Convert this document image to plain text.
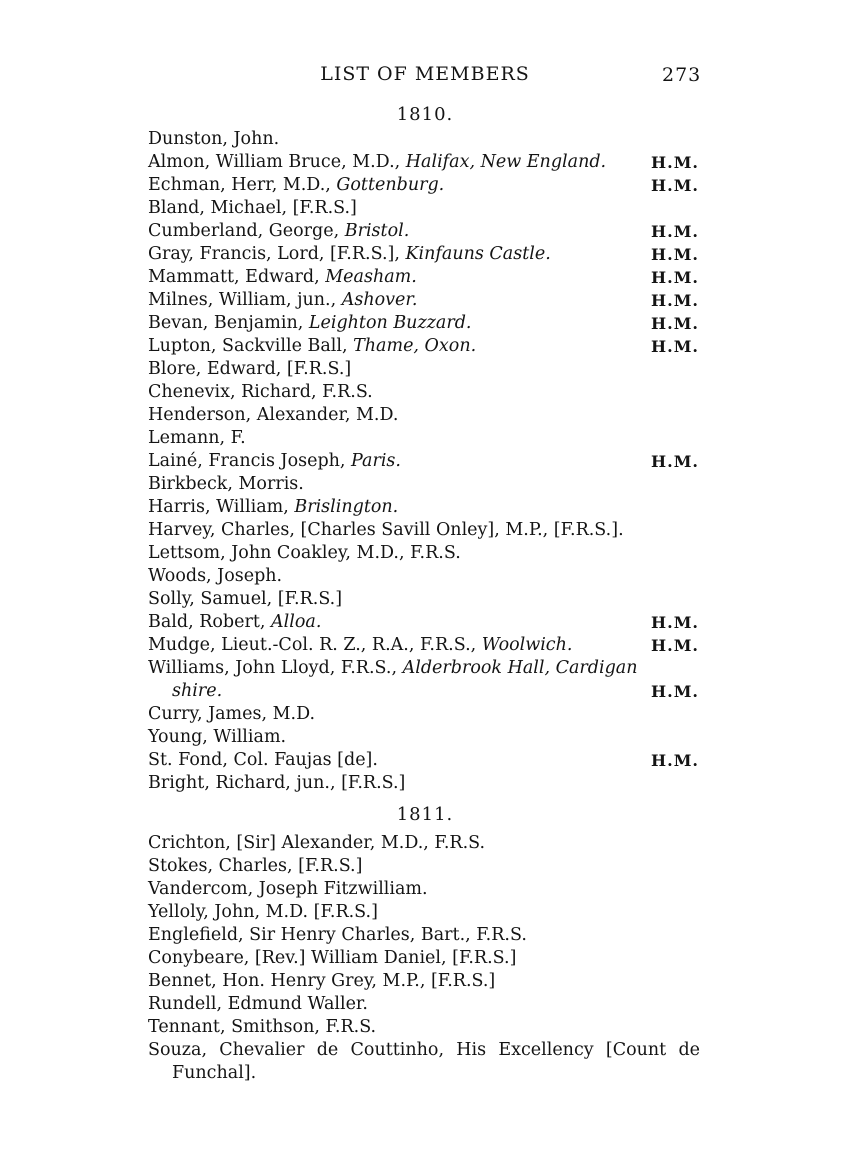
LIST OF MEMBERS	273
1810.
Dunston, John.
Almon, William Bruce, M.D., Halifax, New England.	H.M.
Echman, Herr, M.D., Gottenburg.	H.M.
Bland, Michael, [F.R.S.]
Cumberland, George, Bristol.	H.M.
Gray, Francis, Lord, [F.R.S.], Kinfauns Castle.	H.M.
Mammatt, Edward, Measham.	H.M.
Milnes, William, jun., Ashover.	H.M.
Bevan, Benjamin, Leighton Buzzard.	H.M.
Lupton, Sackville Ball, Thame, Oxon.	H.M.
Blore, Edward, [F.R.S.]
Chenevix, Richard, F.R.S.
Henderson, Alexander, M.D.
Lemann, F.
Lainé, Francis Joseph, Paris.	H.M.
Birkbeck, Morris.
Harris, William, Brislington.
Harvey, Charles, [Charles Savill Onley], M.P., [F.R.S.].
Lettsom, John Coakley, M.D., F.R.S.
Woods, Joseph.
Solly, Samuel, [F.R.S.]
Bald, Robert, Alloa.	H.M.
Mudge, Lieut.-Col. R. Z., R.A., F.R.S., Woolwich.	H.M.
Williams, John Lloyd, F.R.S., Alderbrook Hall, Cardigan
shire.	H.M.
Curry, James, M.D.
Young, William.
St. Fond, Col. Faujas [de].	H.M.
Bright, Richard, jun., [F.R.S.]
1811.
Crichton, [Sir] Alexander, M.D., F.R.S.
Stokes, Charles, [F.R.S.]
Vandercom, Joseph Fitzwilliam.
Yelloly, John, M.D. [F.R.S.]
Englefield, Sir Henry Charles, Bart., F.R.S.
Conybeare, [Rev.] William Daniel, [F.R.S.]
Bennet, Hon. Henry Grey, M.P., [F.R.S.]
Rundell, Edmund Waller.
Tennant, Smithson, F.R.S.
Souza, Chevalier de Couttinho, His Excellency [Count de
Funchal].
